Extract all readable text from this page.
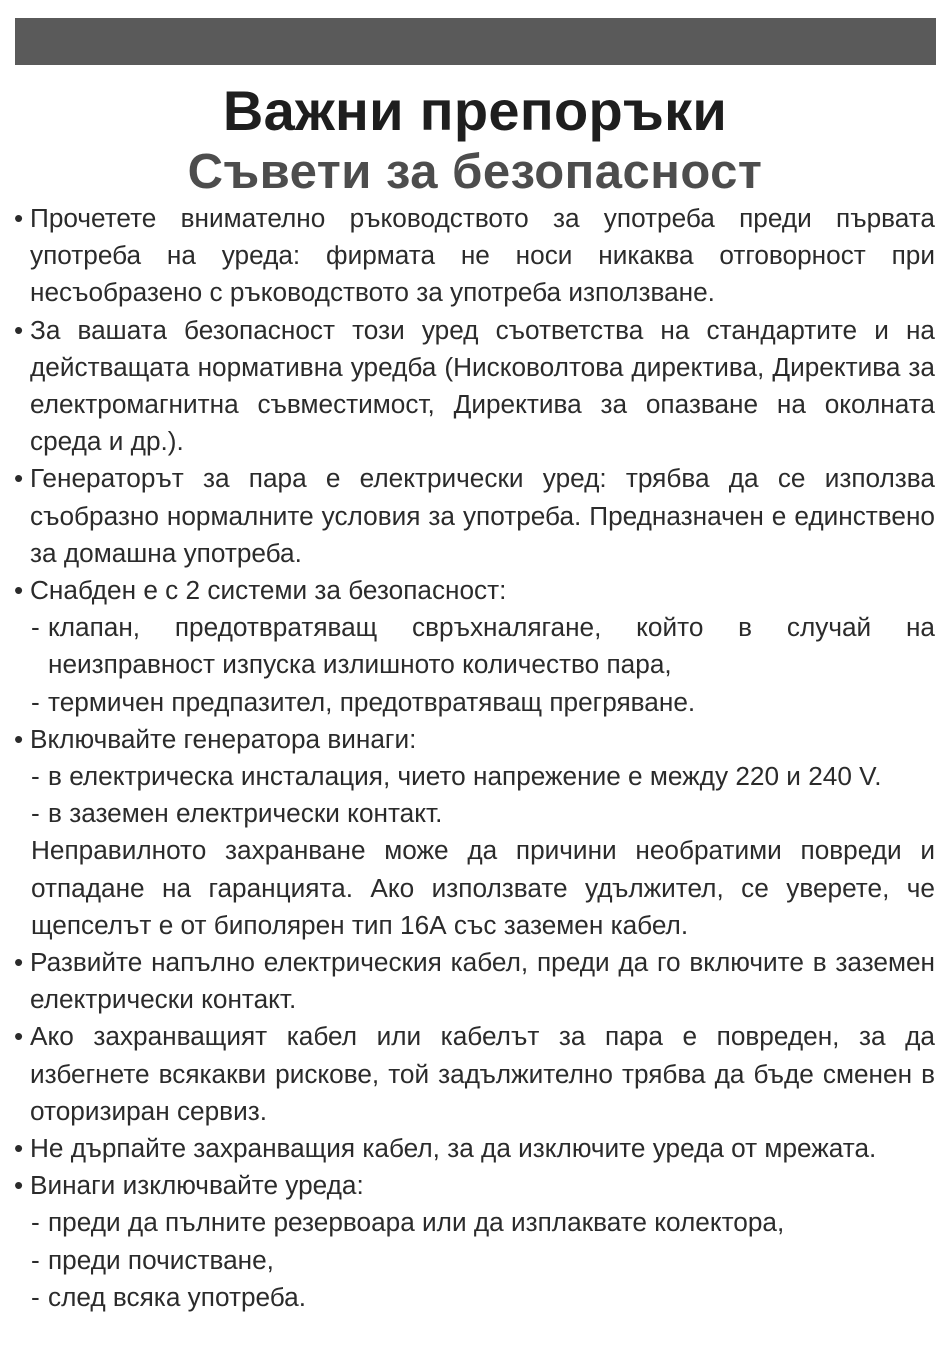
Важни препоръки
Съвети за безопасност
• Прочетете внимателно ръководството за употреба преди първата употреба на уреда: фирмата не носи никаква отговорност при несъобразено с ръководството за употреба използване.
• За вашата безопасност този уред съответства на стандартите и на действащата нормативна уредба (Нисковолтова директива, Директива за електромагнитна съвместимост, Директива за опазване на околната среда и др.).
• Генераторът за пара е електрически уред: трябва да се използва съобразно нормалните условия за употреба. Предназначен е единствено за домашна употреба.
• Снабден е с 2 системи за безопасност:
- клапан, предотвратяващ свръхналягане, който в случай на неизправност изпуска излишното количество пара,
- термичен предпазител, предотвратяващ прегряване.
• Включвайте генератора винаги:
- в електрическа инсталация, чието напрежение е между 220 и 240 V.
- в заземен електрически контакт.
Неправилното захранване може да причини необратими повреди и отпадане на гаранцията. Ако използвате удължител, се уверете, че щепселът е от биполярен тип 16А със заземен кабел.
• Развийте напълно електрическия кабел, преди да го включите в заземен електрически контакт.
• Ако захранващият кабел или кабелът за пара е повреден, за да избегнете всякакви рискове, той задължително трябва да бъде сменен в оторизиран сервиз.
• Не дърпайте захранващия кабел, за да изключите уреда от мрежата.
• Винаги изключвайте уреда:
- преди да пълните резервоара или да изплаквате колектора,
- преди почистване,
- след всяка употреба.
